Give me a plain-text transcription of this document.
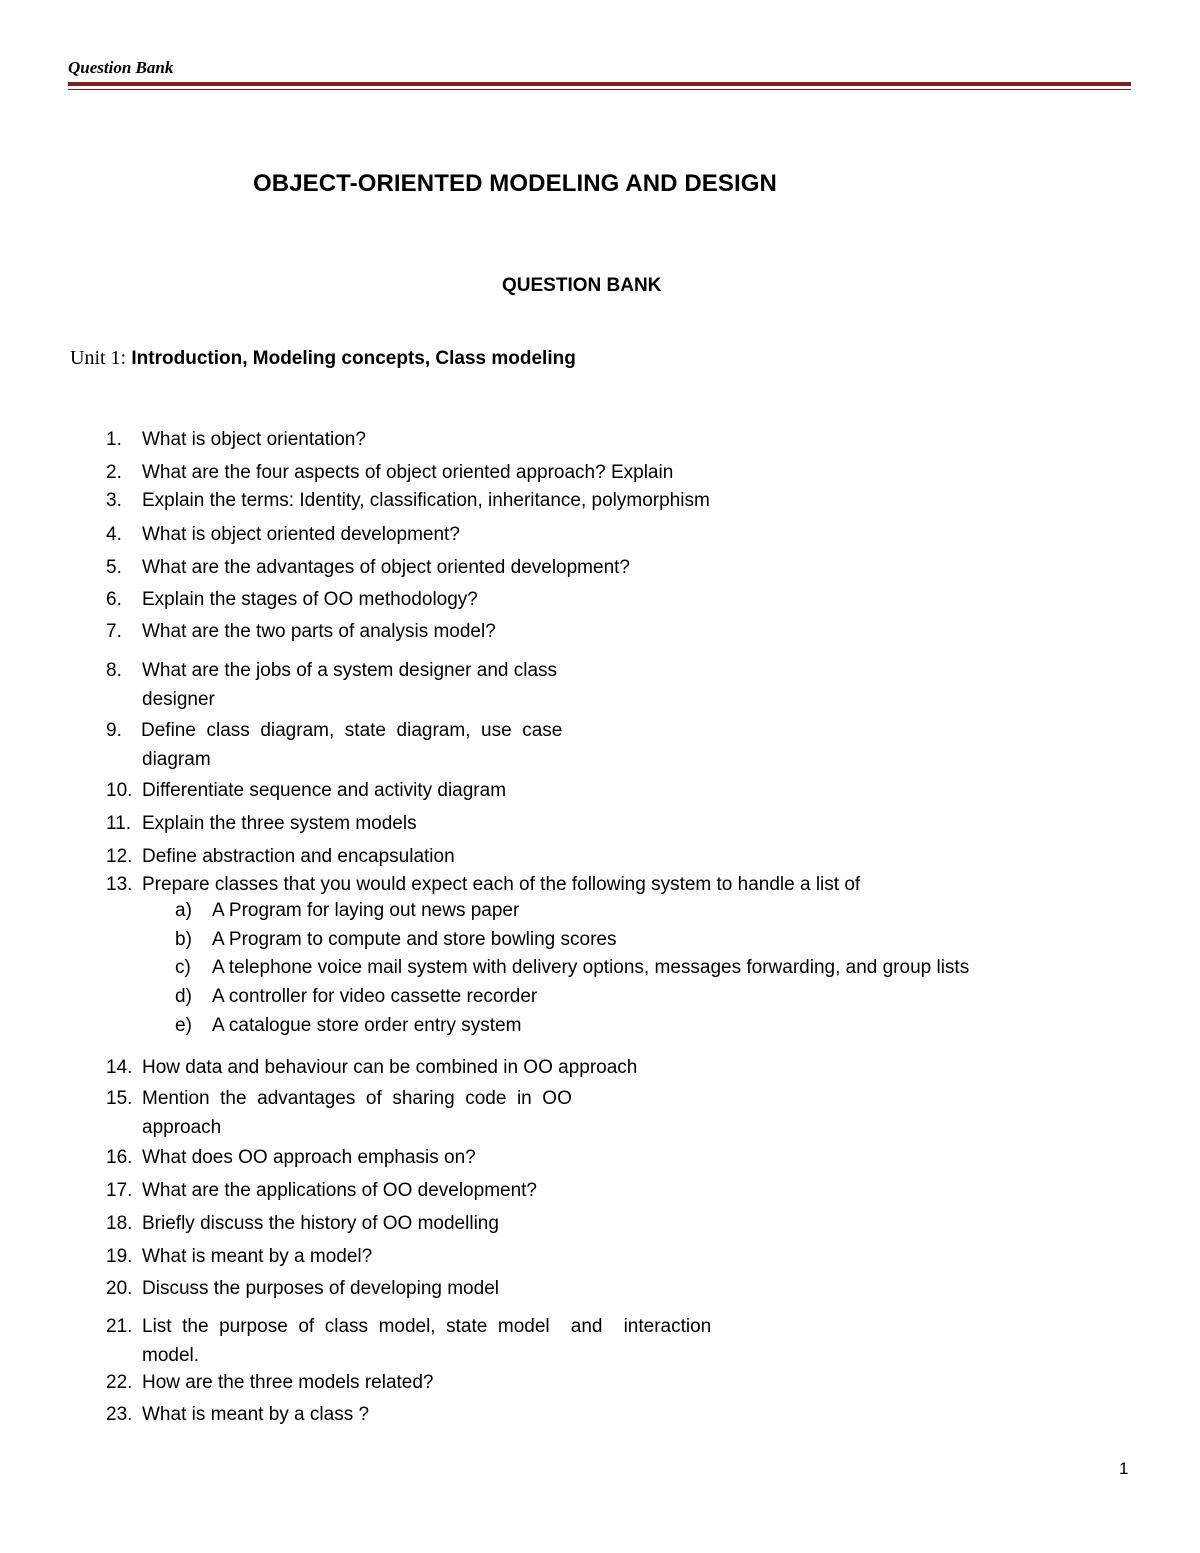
Question Bank
OBJECT-ORIENTED MODELING AND DESIGN
QUESTION BANK
Unit 1: Introduction, Modeling concepts, Class modeling
1. What is object orientation?
2. What are the four aspects of object oriented approach? Explain
3. Explain the terms: Identity, classification, inheritance, polymorphism
4. What is object oriented development?
5. What are the advantages of object oriented development?
6. Explain the stages of OO methodology?
7. What are the two parts of analysis model?
8. What are the jobs of a system designer and class
designer
9. Define  class  diagram,  state  diagram,  use  case
diagram
10. Differentiate sequence and activity diagram
11. Explain the three system models
12. Define abstraction and encapsulation
13. Prepare classes that you would expect each of the following system to handle a list of
a) A Program for laying out news paper
b) A Program to compute and store bowling scores
c) A telephone voice mail system with delivery options, messages forwarding, and group lists
d) A controller for video cassette recorder
e) A catalogue store order entry system
14. How data and behaviour can be combined in OO approach
15. Mention  the  advantages  of  sharing  code  in  OO
approach
16. What does OO approach emphasis on?
17. What are the applications of OO development?
18. Briefly discuss the history of OO modelling
19. What is meant by a model?
20. Discuss the purposes of developing model
21. List  the  purpose  of  class  model,  state  model    and    interaction
model.
22. How are the three models related?
23. What is meant by a class ?
1
